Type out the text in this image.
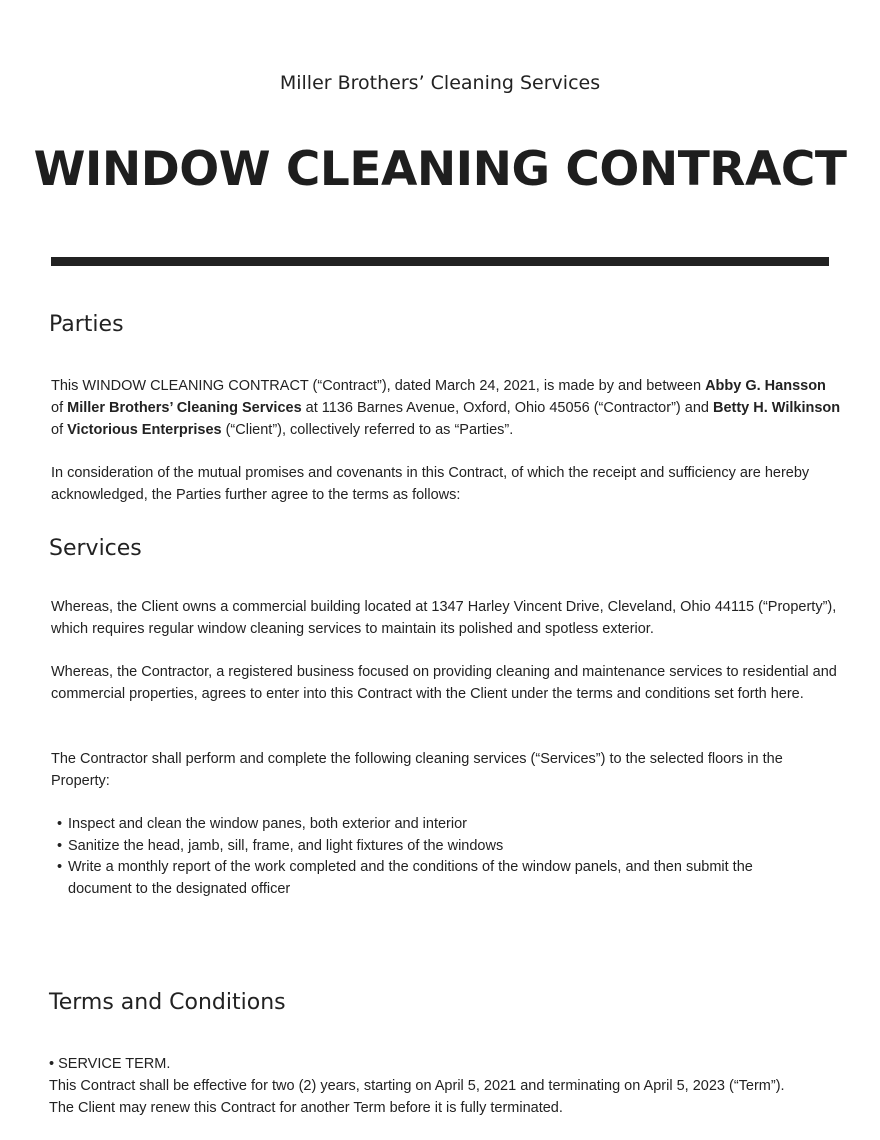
Miller Brothers’ Cleaning Services
WINDOW CLEANING CONTRACT
Parties
This WINDOW CLEANING CONTRACT (“Contract”), dated March 24, 2021, is made by and between Abby G. Hansson of Miller Brothers’ Cleaning Services at 1136 Barnes Avenue, Oxford, Ohio 45056 (“Contractor”) and Betty H. Wilkinson of Victorious Enterprises (“Client”), collectively referred to as “Parties”.
In consideration of the mutual promises and covenants in this Contract, of which the receipt and sufficiency are hereby acknowledged, the Parties further agree to the terms as follows:
Services
Whereas, the Client owns a commercial building located at 1347 Harley Vincent Drive, Cleveland, Ohio 44115 (“Property”), which requires regular window cleaning services to maintain its polished and spotless exterior.
Whereas, the Contractor, a registered business focused on providing cleaning and maintenance services to residential and commercial properties, agrees to enter into this Contract with the Client under the terms and conditions set forth here.
The Contractor shall perform and complete the following cleaning services (“Services”) to the selected floors in the Property:
• Inspect and clean the window panes, both exterior and interior
• Sanitize the head, jamb, sill, frame, and light fixtures of the windows
• Write a monthly report of the work completed and the conditions of the window panels, and then submit the document to the designated officer
Terms and Conditions
• SERVICE TERM.
This Contract shall be effective for two (2) years, starting on April 5, 2021 and terminating on April 5, 2023 (“Term”). The Client may renew this Contract for another Term before it is fully terminated.
